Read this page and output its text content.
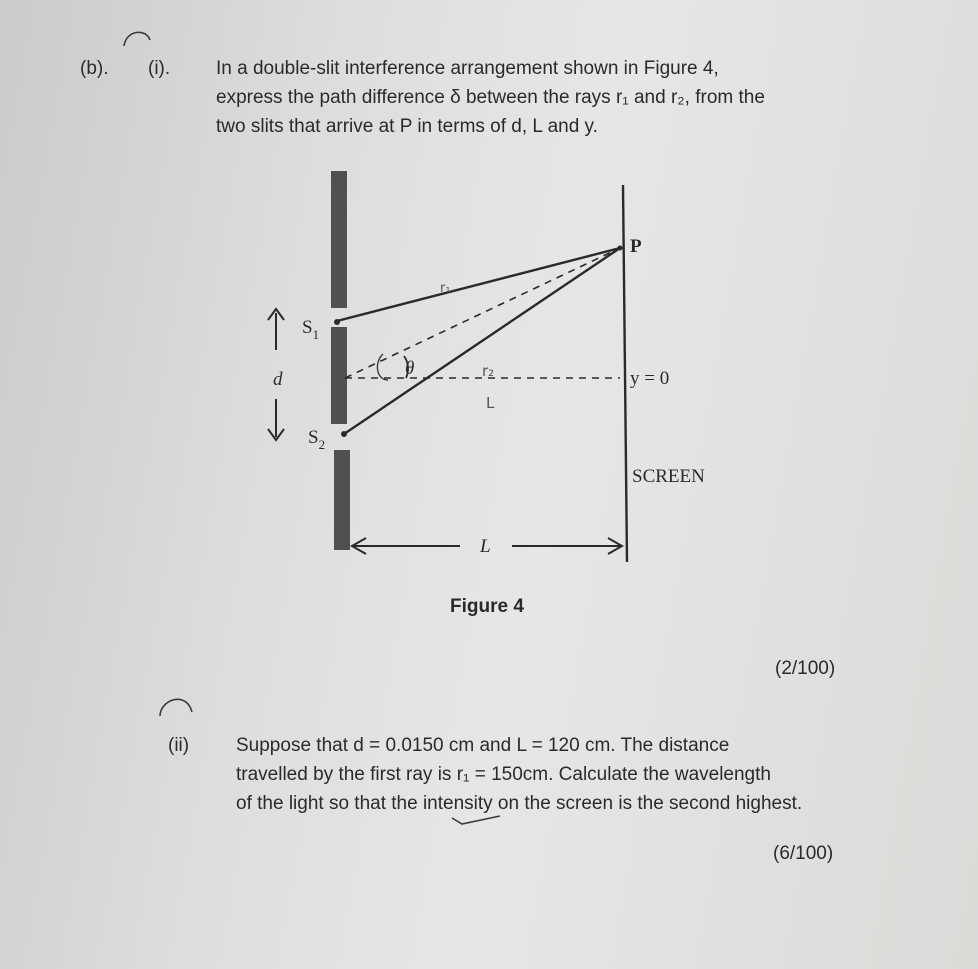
(b). (i). In a double-slit interference arrangement shown in Figure 4,
express the path difference δ between the rays r₁ and r₂, from the
two slits that arrive at P in terms of d, L and y.
$S_1$
$S_2$
d
P
θ	y = 0
SCREEN
L
r₁
r₂
L
Figure 4
(2/100)
(ii) Suppose that d = 0.0150 cm and L = 120 cm. The distance
travelled by the first ray is r₁ = 150cm. Calculate the wavelength
of the light so that the intensity on the screen is the second highest.
(6/100)
